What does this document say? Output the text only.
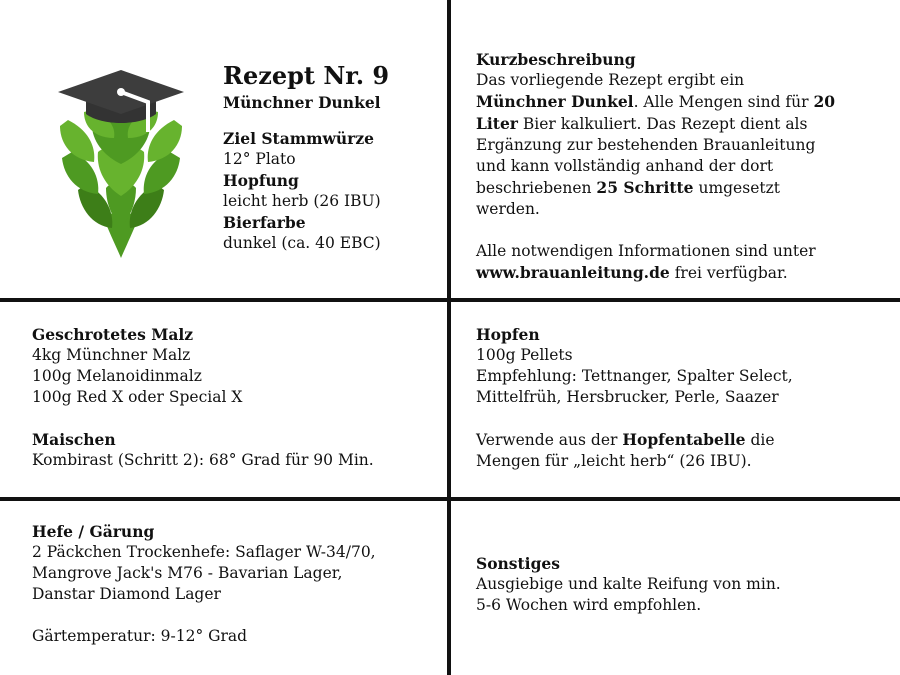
Rezept Nr. 9
Münchner Dunkel
Ziel Stammwürze
12° Plato
Hopfung
leicht herb (26 IBU)
Bierfarbe
dunkel (ca. 40 EBC)
Kurzbeschreibung
Das vorliegende Rezept ergibt ein
Münchner Dunkel. Alle Mengen sind für 20
Liter Bier kalkuliert. Das Rezept dient als
Ergänzung zur bestehenden Brauanleitung
und kann vollständig anhand der dort
beschriebenen 25 Schritte umgesetzt
werden.
Alle notwendigen Informationen sind unter
www.brauanleitung.de frei verfügbar.
Geschrotetes Malz
4kg Münchner Malz
100g Melanoidinmalz
100g Red X oder Special X
Maischen
Kombirast (Schritt 2): 68° Grad für 90 Min.
Hopfen
100g Pellets
Empfehlung: Tettnanger, Spalter Select,
Mittelfrüh, Hersbrucker, Perle, Saazer
Verwende aus der Hopfentabelle die
Mengen für „leicht herb“ (26 IBU).
Hefe / Gärung
2 Päckchen Trockenhefe: Saflager W-34/70,
Mangrove Jack's M76 - Bavarian Lager,
Danstar Diamond Lager
Gärtemperatur: 9-12° Grad
Sonstiges
Ausgiebige und kalte Reifung von min.
5-6 Wochen wird empfohlen.
